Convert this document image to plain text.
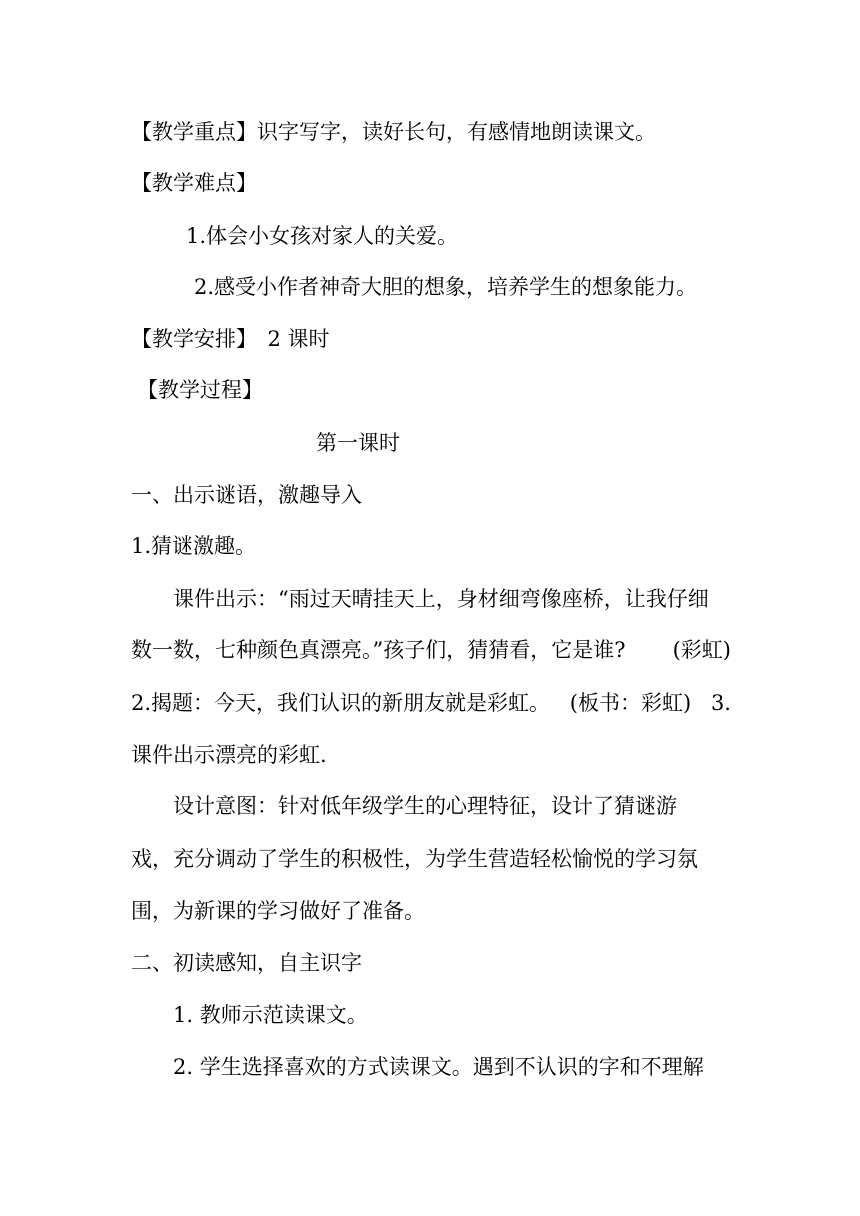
【教学重点】识字写字，读好长句，有感情地朗读课文。
【教学难点】
1.体会小女孩对家人的关爱。
2.感受小作者神奇大胆的想象，培养学生的想象能力。
【教学安排】　2 课时
【教学过程】
第一课时
一、出示谜语，激趣导入
1.猜谜激趣。
课件出示：“雨过天晴挂天上，身材细弯像座桥，让我仔细
数一数，七种颜色真漂亮。”孩子们，猜猜看，它是谁? (彩虹)
2.揭题：今天，我们认识的新朋友就是彩虹。 (板书：彩虹) 3.
课件出示漂亮的彩虹.
设计意图：针对低年级学生的心理特征，设计了猜谜游
戏，充分调动了学生的积极性，为学生营造轻松愉悦的学习氛
围，为新课的学习做好了准备。
二、初读感知，自主识字
1. 教师示范读课文。
2. 学生选择喜欢的方式读课文。遇到不认识的字和不理解
